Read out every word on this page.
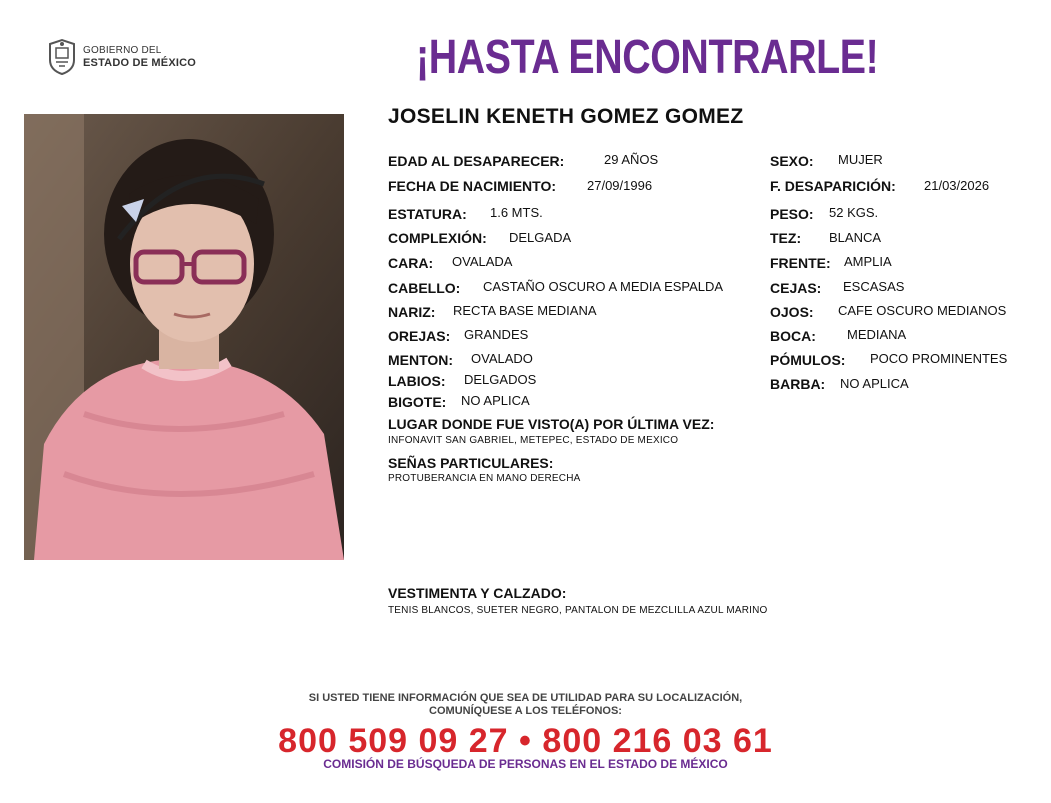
GOBIERNO DEL
ESTADO DE MÉXICO	¡HASTA ENCONTRARLE!
JOSELIN KENETH GOMEZ GOMEZ
EDAD AL DESAPARECER:	29 AÑOS
FECHA DE NACIMIENTO: 27/09/1996
ESTATURA: 1.6 MTS.
COMPLEXIÓN: DELGADA
CARA: OVALADA
CABELLO: CASTAÑO OSCURO A MEDIA ESPALDA
NARIZ: RECTA BASE MEDIANA
OREJAS: GRANDES
MENTON: OVALADO
LABIOS: DELGADOS
BIGOTE: NO APLICA
SEXO: MUJER
F. DESAPARICIÓN: 21/03/2026
PESO: 52 KGS.
TEZ: BLANCA
FRENTE: AMPLIA
CEJAS: ESCASAS
OJOS: CAFE OSCURO MEDIANOS
BOCA: MEDIANA
PÓMULOS: POCO PROMINENTES
BARBA: NO APLICA
LUGAR DONDE FUE VISTO(A) POR ÚLTIMA VEZ:
INFONAVIT SAN GABRIEL, METEPEC, ESTADO DE MEXICO
SEÑAS PARTICULARES:
PROTUBERANCIA EN MANO DERECHA
VESTIMENTA Y CALZADO:
TENIS BLANCOS, SUETER NEGRO, PANTALON DE MEZCLILLA AZUL MARINO
SI USTED TIENE INFORMACIÓN QUE SEA DE UTILIDAD PARA SU LOCALIZACIÓN,
COMUNÍQUESE A LOS TELÉFONOS:
800 509 09 27 • 800 216 03 61
COMISIÓN DE BÚSQUEDA DE PERSONAS EN EL ESTADO DE MÉXICO
